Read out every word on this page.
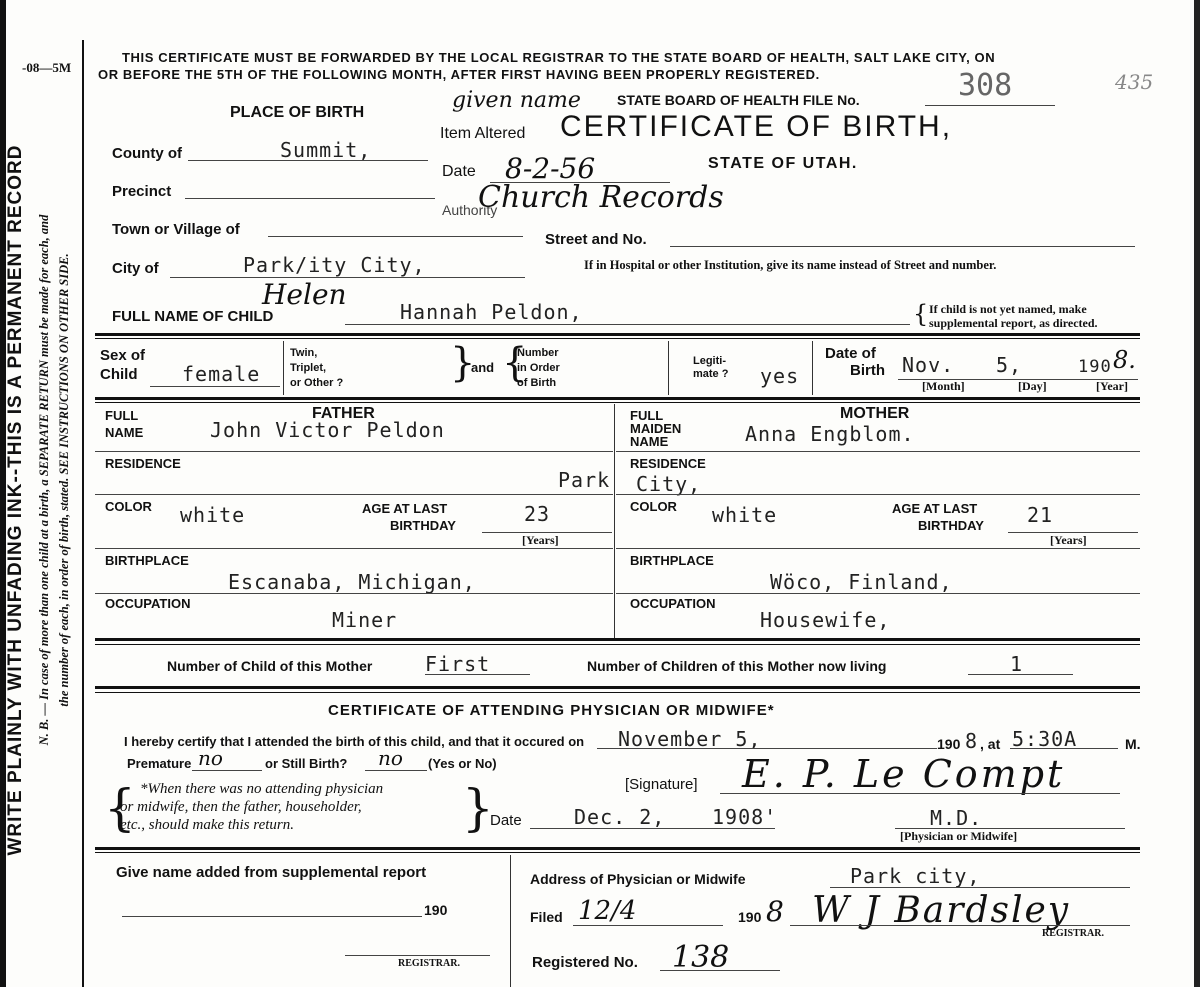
-08—5M
WRITE PLAINLY WITH UNFADING INK--THIS IS A PERMANENT RECORD N. B. — In case of more than one child at a birth, a SEPARATE RETURN must be made for each, and the number of each, in order of birth, stated. SEE INSTRUCTIONS ON OTHER SIDE.
THIS CERTIFICATE MUST BE FORWARDED BY THE LOCAL REGISTRAR TO THE STATE BOARD OF HEALTH, SALT LAKE CITY, ON
OR BEFORE THE 5TH OF THE FOLLOWING MONTH, AFTER FIRST HAVING BEEN PROPERLY REGISTERED.	308	435
STATE BOARD OF HEALTH FILE No.
CERTIFICATE OF BIRTH,
STATE OF UTAH.
given name
Item Altered
Date 8-2-56
Authority
Church Records
PLACE OF BIRTH
County of	Summit,
Precinct
Town or Village of
Street and No.
City of	Park/ity City,	If in Hospital or other Institution, give its name instead of Street and number.
Helen
FULL NAME OF CHILD	Hannah Peldon,	{ If child is not yet named, make
supplemental report, as directed.
Sex of
Child female
Twin,
Triplet,
or Other ?	}
and {
Number
in Order
of Birth
Legiti-
mate ? yes
Date of
Birth Nov. 5,	190 8.
[Month]	[Day]	[Year]
FATHER
FULL
NAME	John Victor Peldon
RESIDENCE
Park
COLOR white	AGE AT LAST
BIRTHDAY	23
[Years]
BIRTHPLACE
Escanaba, Michigan,
OCCUPATION
Miner
MOTHER
FULL
MAIDEN
NAME	Anna Engblom.
RESIDENCE
City,
COLOR white	AGE AT LAST
BIRTHDAY 21
[Years]
BIRTHPLACE
Wöco, Finland,
OCCUPATION
Housewife,
Number of Child of this Mother	First	Number of Children of this Mother now living	1
CERTIFICATE OF ATTENDING PHYSICIAN OR MIDWIFE*
I hereby certify that I attended the birth of this child, and that it occured on November 5,	190 8 , at 5:30A	M.
Premature no	or Still Birth? no (Yes or No)
{ *When there was no attending physician
or midwife, then the father, householder,
etc., should make this return.	}	[Signature] E. P. Le Compt
Date	Dec. 2, 1908'	M.D.
[Physician or Midwife]
Give name added from supplemental report
190
REGISTRAR.
Address of Physician or Midwife	Park city,
Filed 12/4	190 8 W J Bardsley
REGISTRAR.
Registered No. 138
